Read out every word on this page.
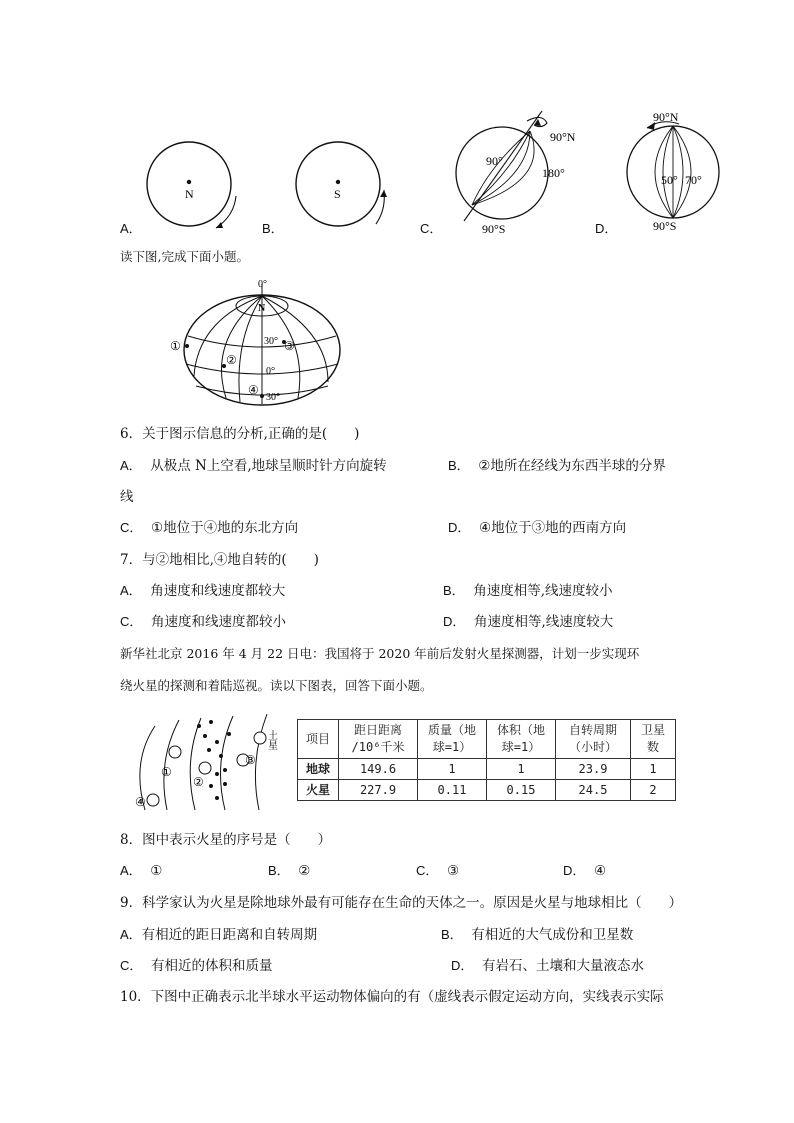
A．
N
B．
S
C．
90°N
90°
180°
90°S	D．
90°N
50° 70°
90°S
读下图,完成下面小题。
0°
N
30°
0°
30°
①
②
③
④
6．关于图示信息的分析,正确的是(　　)
A． 从极点 N上空看,地球呈顺时针方向旋转	B． ②地所在经线为东西半球的分界
线
C． ①地位于④地的东北方向	D． ④地位于③地的西南方向
7．与②地相比,④地自转的(　　)
A． 角速度和线速度都较大	B． 角速度相等,线速度较小
C． 角速度和线速度都较小	D． 角速度相等,线速度较大
新华社北京 2016 年 4 月 22 日电：我国将于 2020 年前后发射火星探测器，计划一步实现环
绕火星的探测和着陆巡视。读以下图表，回答下面小题。
①
②
③
④
土星 项目	距日距离
/10⁶千米	质量（地
球=1）	体积（地
球=1）	自转周期
（小时）	卫星
数
地球	149.6	1	1	23.9	1
火星	227.9	0.11	0.15	24.5	2
8．图中表示火星的序号是（　　）
A． ①	B． ②	C． ③	D． ④
9．科学家认为火星是除地球外最有可能存在生命的天体之一。原因是火星与地球相比（　　）
A．有相近的距日距离和自转周期	B． 有相近的大气成份和卫星数
C． 有相近的体积和质量	D． 有岩石、土壤和大量液态水
10．下图中正确表示北半球水平运动物体偏向的有（虚线表示假定运动方向，实线表示实际
